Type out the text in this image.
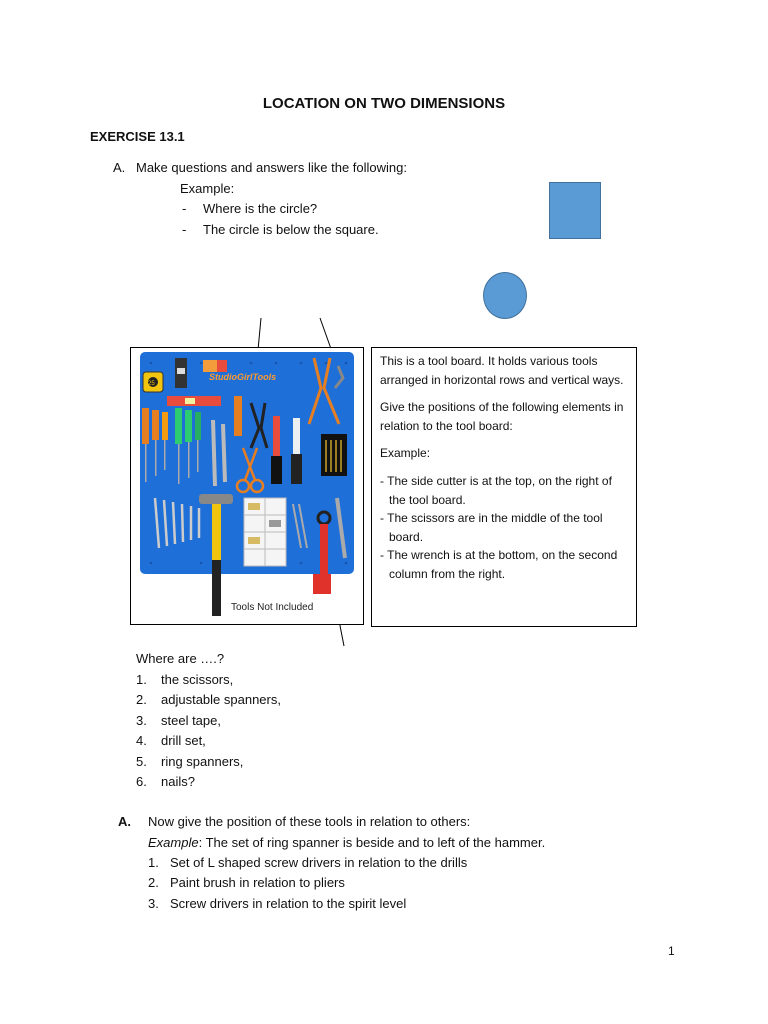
LOCATION ON TWO DIMENSIONS
EXERCISE 13.1
A. Make questions and answers like the following:
Example:
- Where is the circle?
- The circle is below the square.
StudioGirlTools
25
Tools Not Included

This is a tool board. It holds various tools arranged in horizontal rows and vertical ways.

Give the positions of the following elements in relation to the tool board:

Example:

- The side cutter is at the top, on the right of the tool board.
- The scissors are in the middle of the tool board.
- The wrench is at the bottom, on the second column from the right.
Where are ….?
1. the scissors,
2. adjustable spanners,
3. steel tape,
4. drill set,
5. ring spanners,
6. nails?
A. Now give the position of these tools in relation to others:
Example: The set of ring spanner is beside and to left of the hammer.
1. Set of L shaped screw drivers in relation to the drills
2. Paint brush in relation to pliers
3. Screw drivers in relation to the spirit level
1
